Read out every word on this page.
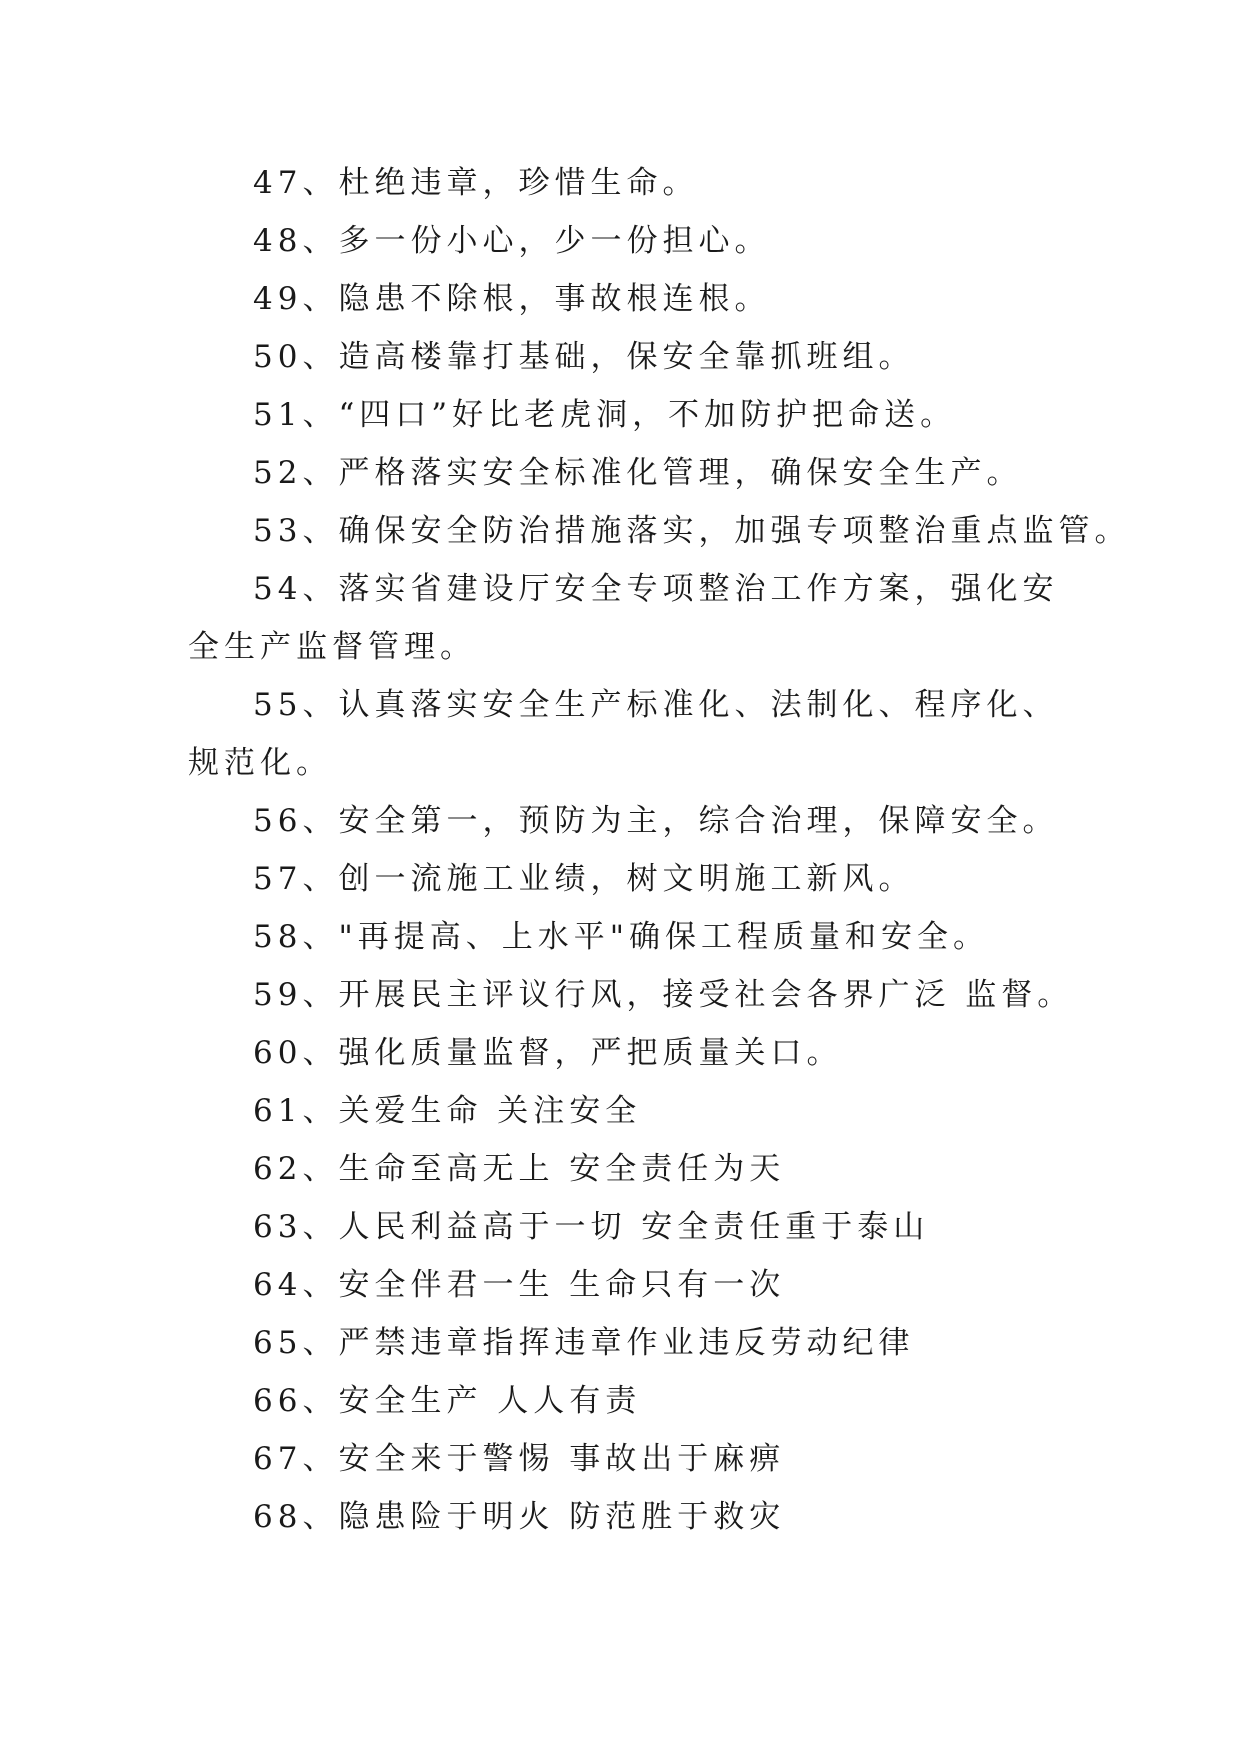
47、杜绝违章，珍惜生命。

48、多一份小心，少一份担心。

49、隐患不除根，事故根连根。

50、造高楼靠打基础，保安全靠抓班组。

51、“四口”好比老虎洞，不加防护把命送。

52、严格落实安全标准化管理，确保安全生产。

53、确保安全防治措施落实，加强专项整治重点监管。

54、落实省建设厅安全专项整治工作方案，强化安全生产监督管理。

55、认真落实安全生产标准化、法制化、程序化、规范化。

56、安全第一，预防为主，综合治理，保障安全。

57、创一流施工业绩，树文明施工新风。

58、"再提高、上水平"确保工程质量和安全。

59、开展民主评议行风，接受社会各界广泛 监督。

60、强化质量监督，严把质量关口。

61、关爱生命 关注安全

62、生命至高无上 安全责任为天

63、人民利益高于一切 安全责任重于泰山

64、安全伴君一生 生命只有一次

65、严禁违章指挥违章作业违反劳动纪律

66、安全生产 人人有责

67、安全来于警惕 事故出于麻痹

68、隐患险于明火 防范胜于救灾
